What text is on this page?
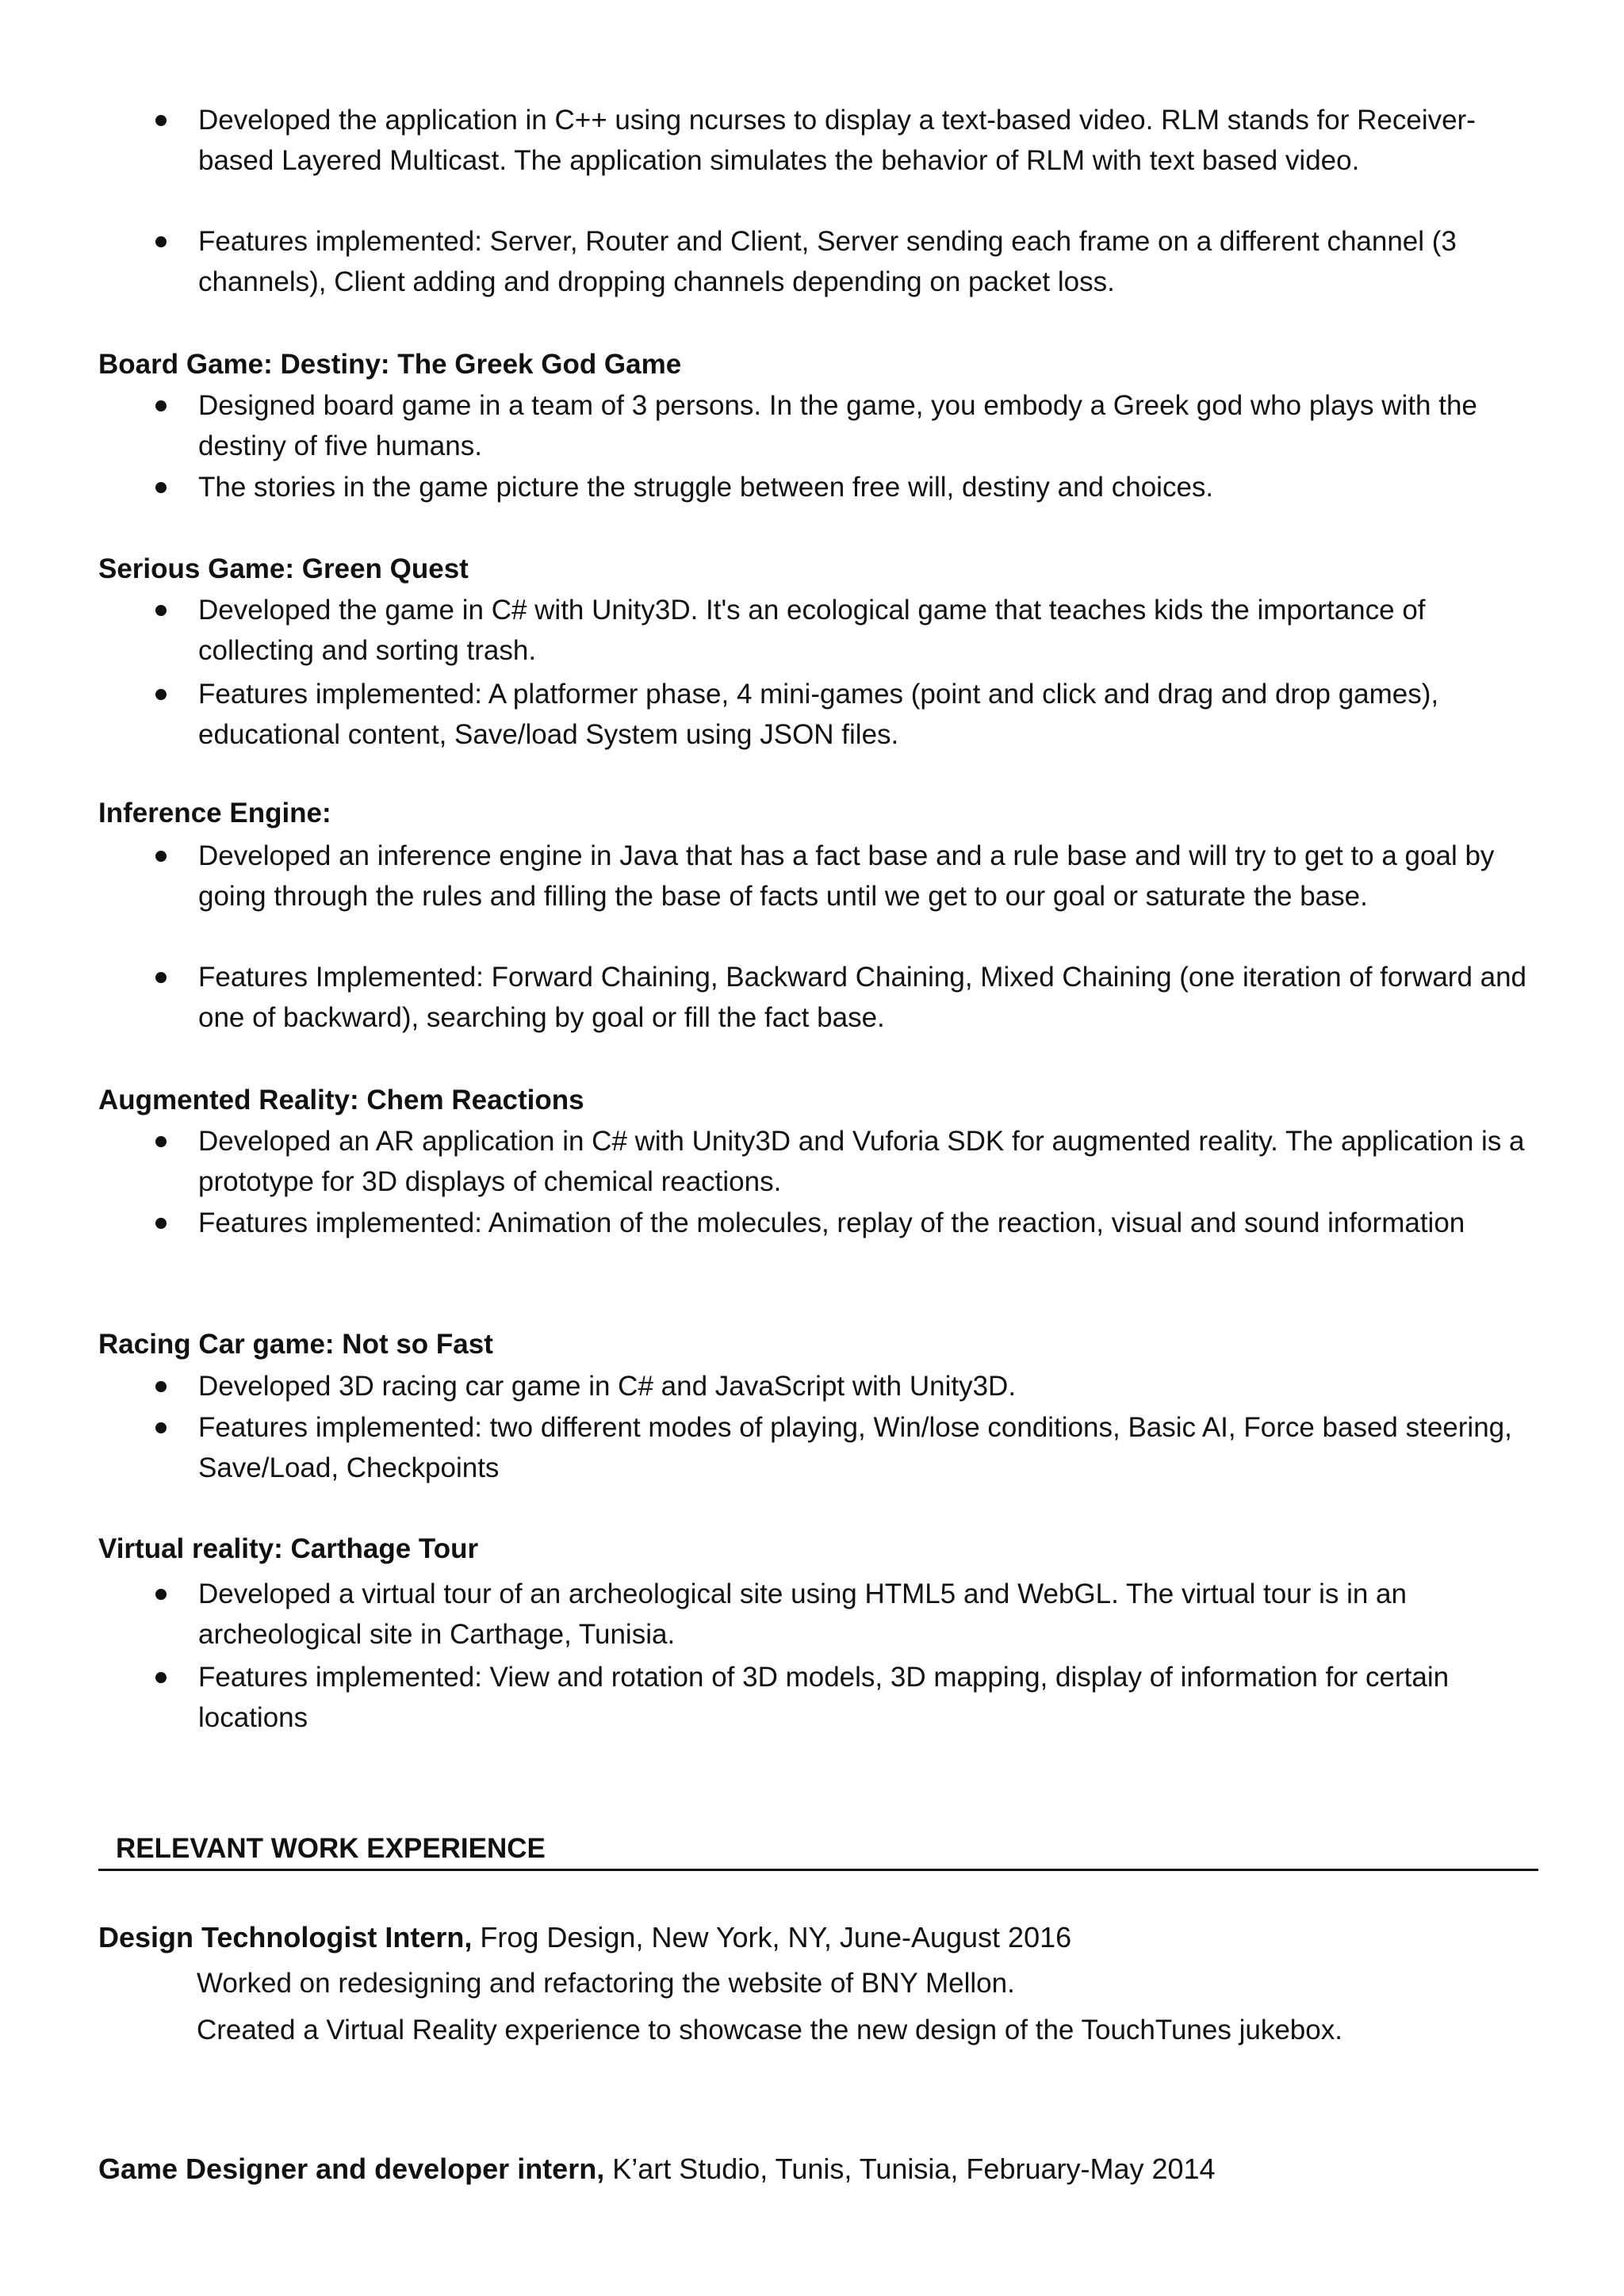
Developed the application in C++ using ncurses to display a text-based video. RLM stands for Receiver-based Layered Multicast. The application simulates the behavior of RLM with text based video.
Features implemented: Server, Router and Client, Server sending each frame on a different channel (3 channels), Client adding and dropping channels depending on packet loss.
Board Game: Destiny: The Greek God Game
Designed board game in a team of 3 persons. In the game, you embody a Greek god who plays with the destiny of five humans.
The stories in the game picture the struggle between free will, destiny and choices.
Serious Game: Green Quest
Developed the game in C# with Unity3D. It's an ecological game that teaches kids the importance of collecting and sorting trash.
Features implemented: A platformer phase, 4 mini-games (point and click and drag and drop games), educational content, Save/load System using JSON files.
Inference Engine:
Developed an inference engine in Java that has a fact base and a rule base and will try to get to a goal by going through the rules and filling the base of facts until we get to our goal or saturate the base.
Features Implemented: Forward Chaining, Backward Chaining, Mixed Chaining (one iteration of forward and one of backward), searching by goal or fill the fact base.
Augmented Reality: Chem Reactions
Developed an AR application in C# with Unity3D and Vuforia SDK for augmented reality. The application is a prototype for 3D displays of chemical reactions.
Features implemented: Animation of the molecules, replay of the reaction, visual and sound information
Racing Car game: Not so Fast
Developed 3D racing car game in C# and JavaScript with Unity3D.
Features implemented: two different modes of playing, Win/lose conditions, Basic AI, Force based steering, Save/Load, Checkpoints
Virtual reality: Carthage Tour
Developed a virtual tour of an archeological site using HTML5 and WebGL. The virtual tour is in an archeological site in Carthage, Tunisia.
Features implemented: View and rotation of 3D models, 3D mapping, display of information for certain locations
RELEVANT WORK EXPERIENCE
Design Technologist Intern, Frog Design, New York, NY, June-August 2016
Worked on redesigning and refactoring the website of BNY Mellon.
Created a Virtual Reality experience to showcase the new design of the TouchTunes jukebox.
Game Designer and developer intern, K’art Studio, Tunis, Tunisia, February-May 2014
